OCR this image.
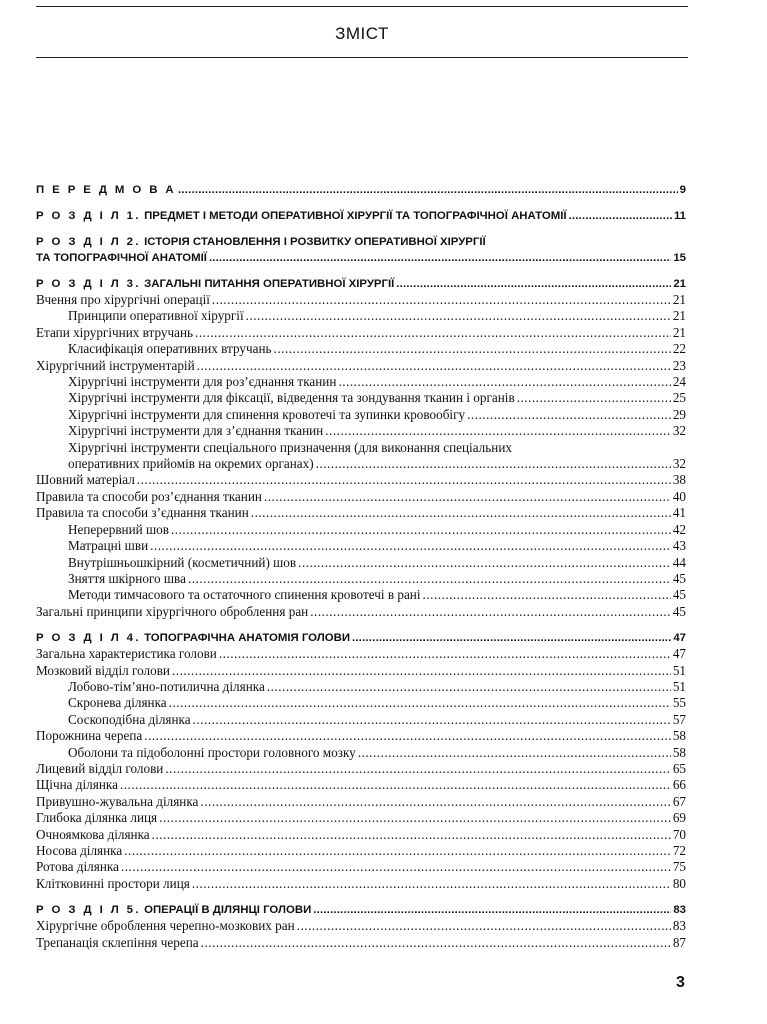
ЗМІСТ
П Е Р Е Д М О В А .....	9
Р О З Д І Л 1. ПРЕДМЕТ І МЕТОДИ ОПЕРАТИВНОЇ ХІРУРГІЇ ТА ТОПОГРАФІЧНОЇ АНАТОМІЇ .....	11
Р О З Д І Л 2. ІСТОРІЯ СТАНОВЛЕННЯ І РОЗВИТКУ ОПЕРАТИВНОЇ ХІРУРГІЇ
ТА ТОПОГРАФІЧНОЇ АНАТОМІЇ .....	15
Р О З Д І Л 3. ЗАГАЛЬНІ ПИТАННЯ ОПЕРАТИВНОЇ ХІРУРГІЇ .....	21
Вчення про хірургічні операції .....	21
Принципи оперативної хірургії .....	21
Етапи хірургічних втручань .....	21
Класифікація оперативних втручань .....	22
Хірургічний інструментарій .....	23
Хірургічні інструменти для роз’єднання тканин .....	24
Хірургічні інструменти для фіксації, відведення та зондування тканин і органів .....	25
Хірургічні інструменти для спинення кровотечі та зупинки кровообігу .....	29
Хірургічні інструменти для з’єднання тканин .....	32
Хірургічні інструменти спеціального призначення (для виконання спеціальних
оперативних прийомів на окремих органах) .....	32
Шовний матеріал .....	38
Правила та способи роз’єднання тканин .....	40
Правила та способи з’єднання тканин .....	41
Неперервний шов .....	42
Матрацні шви .....	43
Внутрішньошкірний (косметичний) шов .....	44
Зняття шкірного шва .....	45
Методи тимчасового та остаточного спинення кровотечі в рані .....	45
Загальні принципи хірургічного оброблення ран .....	45
Р О З Д І Л 4. ТОПОГРАФІЧНА АНАТОМІЯ ГОЛОВИ .....	47
Загальна характеристика голови .....	47
Мозковий відділ голови .....	51
Лобово-тім’яно-потилична ділянка .....	51
Скронева ділянка .....	55
Соскоподібна ділянка .....	57
Порожнина черепа .....	58
Оболони та підоболонні простори головного мозку .....	58
Лицевий відділ голови .....	65
Щічна ділянка .....	66
Привушно-жувальна ділянка .....	67
Глибока ділянка лиця .....	69
Очноямкова ділянка .....	70
Носова ділянка .....	72
Ротова ділянка .....	75
Клітковинні простори лиця .....	80
Р О З Д І Л 5. ОПЕРАЦІЇ В ДІЛЯНЦІ ГОЛОВИ .....	83
Хірургічне оброблення черепно-мозкових ран .....	83
Трепанація склепіння черепа .....	87
3
